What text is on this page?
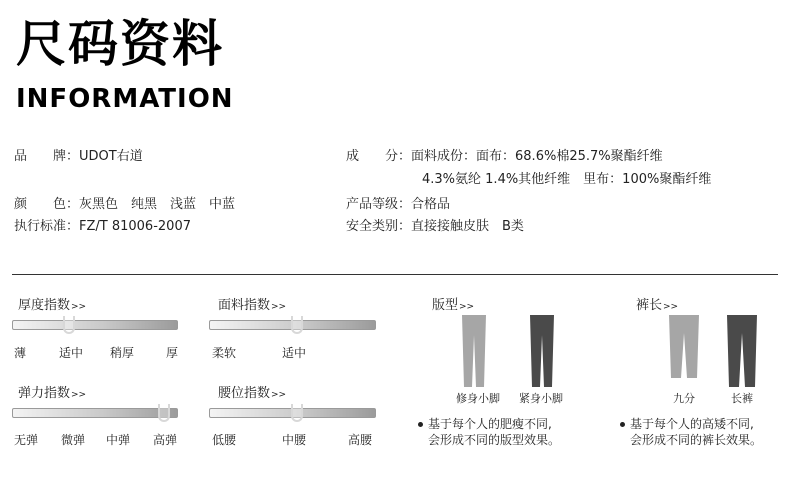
尺码资料
INFORMATION
品　　牌：UDOT右道
颜　　色：灰黑色　纯黑　浅蓝　中蓝
执行标准：FZ/T 81006-2007
成　　分：面料成份：面布：68.6%棉25.7%聚酯纤维
4.3%氨纶 1.4%其他纤维　里布：100%聚酯纤维
产品等级：合格品
安全类别：直接接触皮肤　B类
厚度指数>>
薄	适中 稍厚	厚
面料指数>>
柔软	适中
弹力指数>>
无弹 微弹 中弹 高弹
腰位指数>>
低腰	中腰	高腰
版型>>
修身小脚 紧身小脚
基于每个人的肥瘦不同,
会形成不同的版型效果。
裤长>>
九分	长裤
基于每个人的高矮不同,
会形成不同的裤长效果。
